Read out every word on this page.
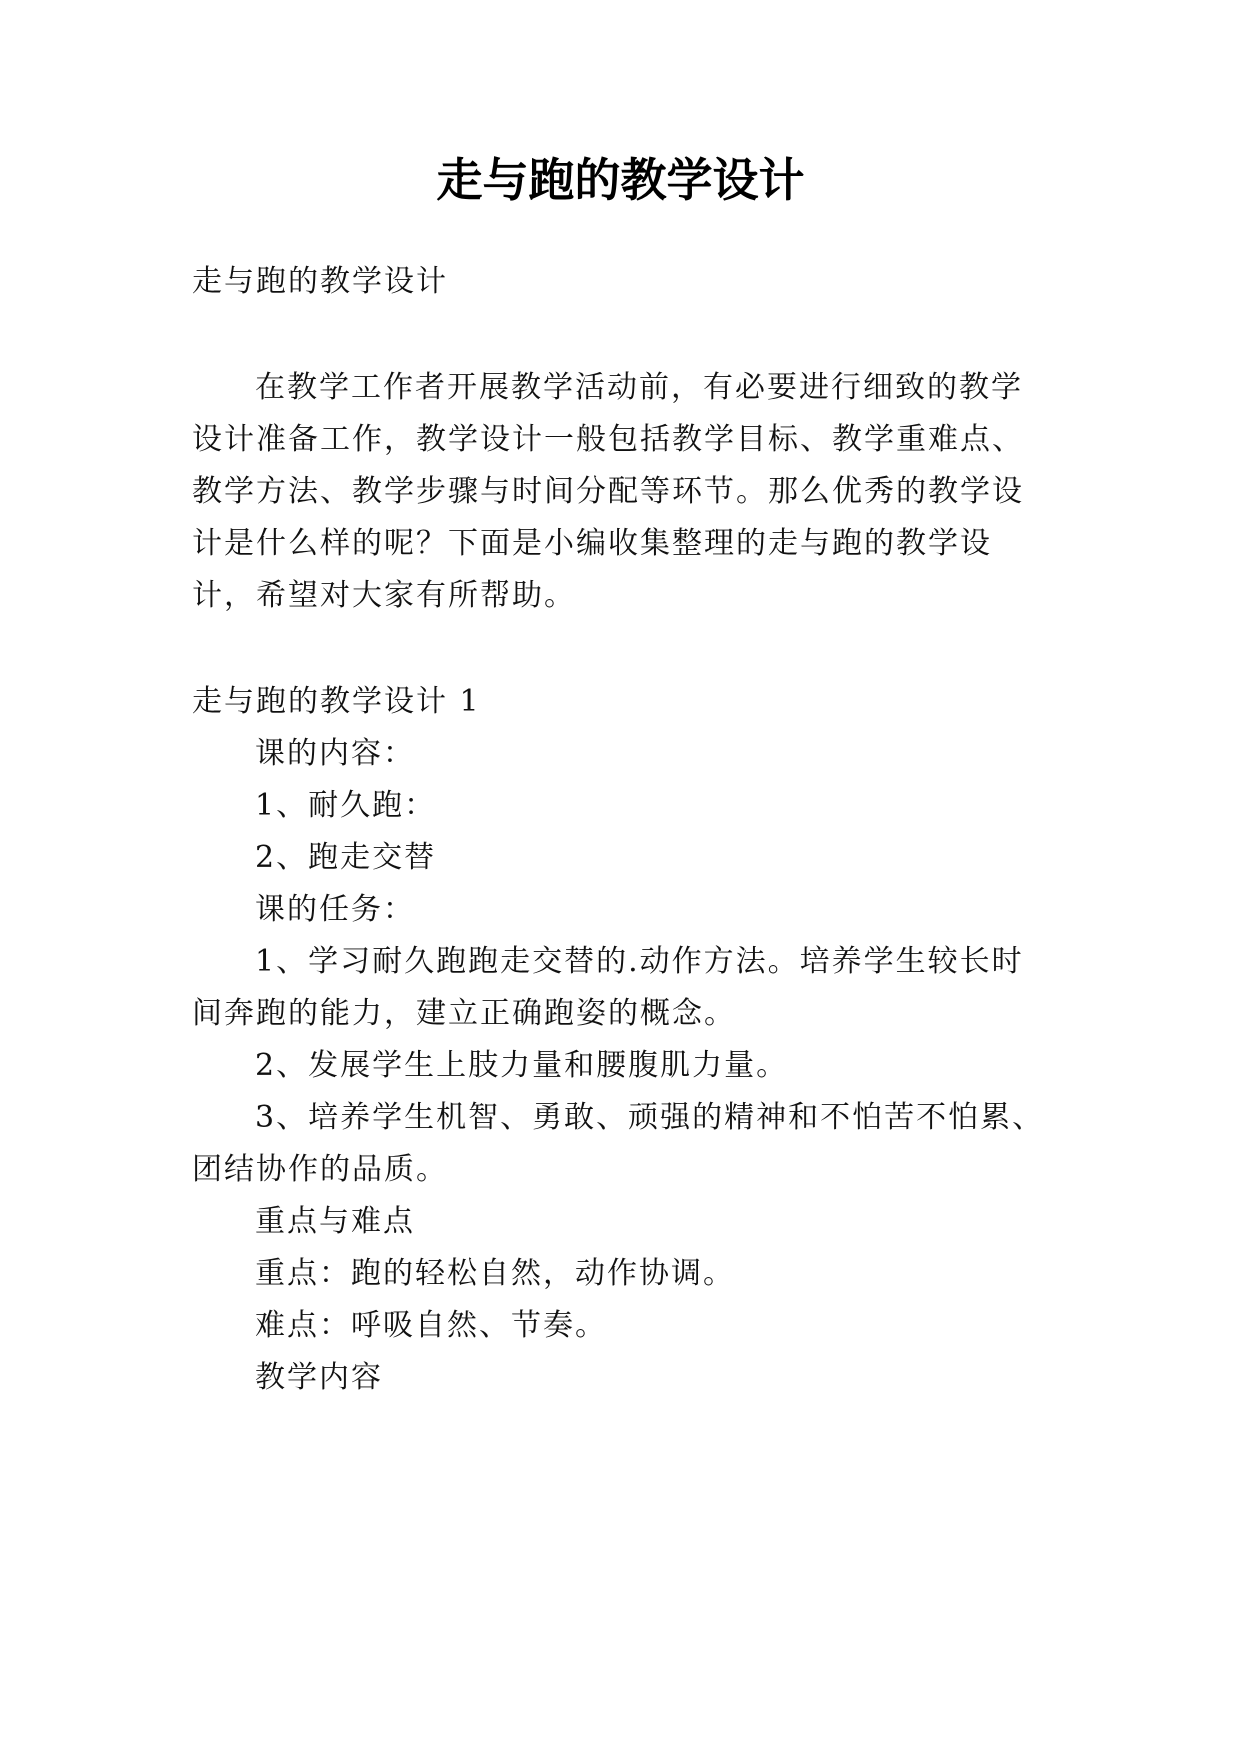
走与跑的教学设计
走与跑的教学设计
在教学工作者开展教学活动前，有必要进行细致的教学
设计准备工作，教学设计一般包括教学目标、教学重难点、
教学方法、教学步骤与时间分配等环节。那么优秀的教学设
计是什么样的呢？下面是小编收集整理的走与跑的教学设
计，希望对大家有所帮助。
走与跑的教学设计 1
课的内容：
1、耐久跑：
2、跑走交替
课的任务：
1、学习耐久跑跑走交替的.动作方法。培养学生较长时
间奔跑的能力，建立正确跑姿的概念。
2、发展学生上肢力量和腰腹肌力量。
3、培养学生机智、勇敢、顽强的精神和不怕苦不怕累、
团结协作的品质。
重点与难点
重点：跑的轻松自然，动作协调。
难点：呼吸自然、节奏。
教学内容
